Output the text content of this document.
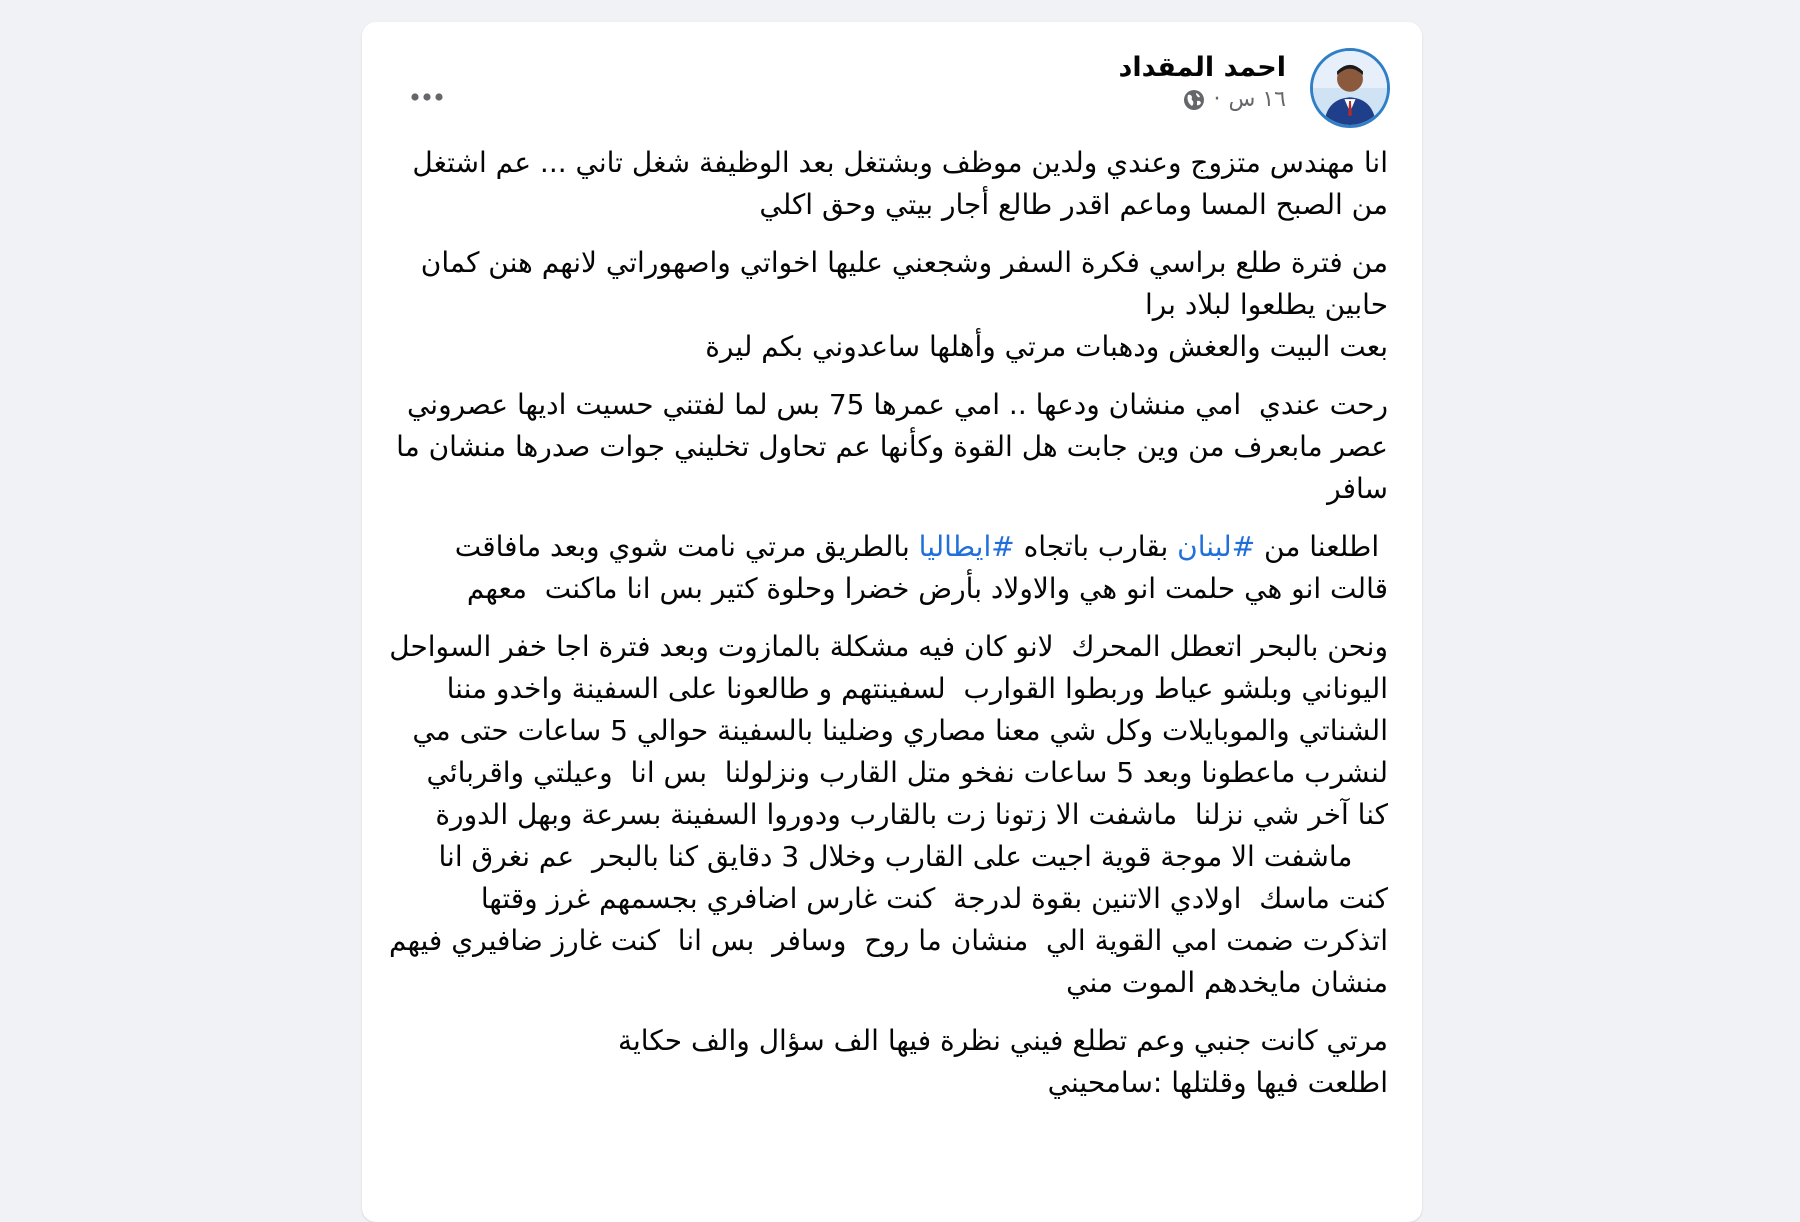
احمد المقداد
١٦ س
·

انا مهندس متزوج وعندي ولدين موظف وبشتغل بعد الوظيفة شغل تاني ... عم اشتغل من الصبح المسا وماعم اقدر طالع أجار بيتي وحق اكلي

من فترة طلع براسي فكرة السفر وشجعني عليها اخواتي واصهوراتي لانهم هنن كمان حابين يطلعوا لبلاد برا
بعت البيت والعغش ودهبات مرتي وأهلها ساعدوني بكم ليرة

رحت عندي  امي منشان ودعها .. امي عمرها 75 بس لما لفتني حسيت اديها عصروني عصر مابعرف من وين جابت هل القوة وكأنها عم تحاول تخليني جوات صدرها منشان ما سافر

اطلعنا من #لبنان بقارب باتجاه #ايطاليا بالطريق مرتي نامت شوي وبعد مافاقت قالت انو هي حلمت انو هي والاولاد بأرض خضرا وحلوة كتير بس انا ماكنت  معهم

ونحن بالبحر اتعطل المحرك  لانو كان فيه مشكلة بالمازوت وبعد فترة اجا خفر السواحل اليوناني وبلشو عياط وربطوا القوارب  لسفينتهم و طالعونا على السفينة واخدو مننا الشناتي والموبايلات وكل شي معنا مصاري وضلينا بالسفينة حوالي 5 ساعات حتى مي لنشرب ماعطونا وبعد 5 ساعات نفخو متل القارب ونزلولنا  بس انا  وعيلتي واقربائي كنا آخر شي نزلنا  ماشفت الا زتونا زت بالقارب ودوروا السفينة بسرعة وبهل الدورة
ماشفت الا موجة قوية اجيت على القارب وخلال 3 دقايق كنا بالبحر  عم نغرق انا كنت ماسك  اولادي الاتنين بقوة لدرجة  كنت غارس اضافري بجسمهم غرز وقتها اتذكرت ضمت امي القوية الي  منشان ما روح  وسافر  بس انا  كنت غارز ضافيري فيهم منشان مايخدهم الموت مني

مرتي كانت جنبي وعم تطلع فيني نظرة فيها الف سؤال والف حكاية
اطلعت فيها وقلتلها :سامحيني
